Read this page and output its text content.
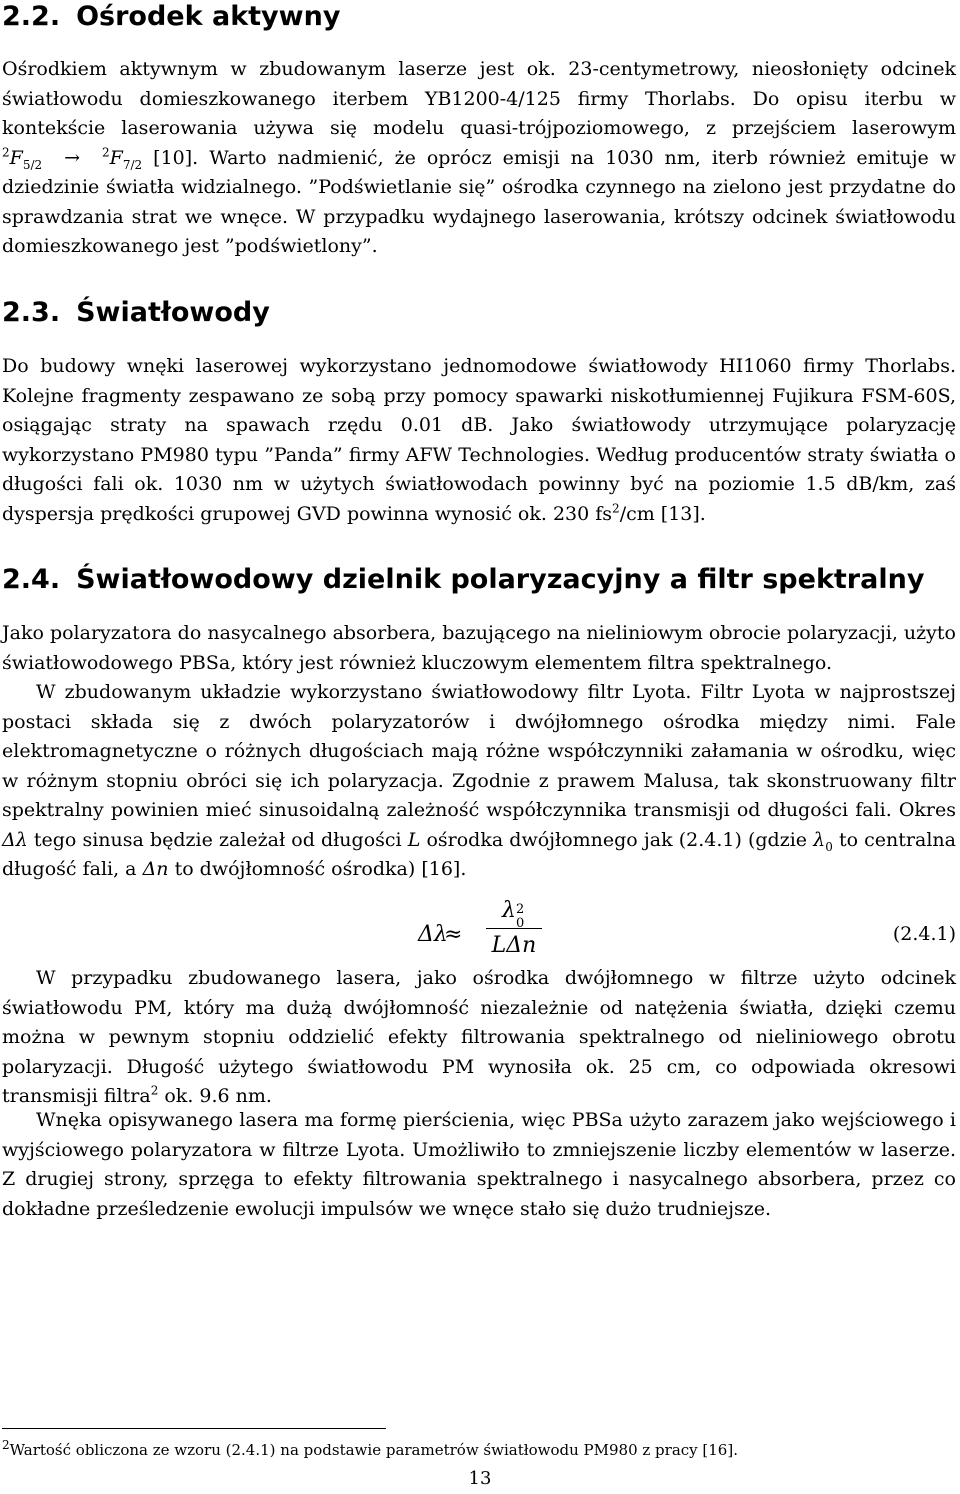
2.2. Ośrodek aktywny
Ośrodkiem aktywnym w zbudowanym laserze jest ok. 23-centymetrowy, nieosłonięty odcinek światłowodu domieszkowanego iterbem YB1200-4/125 firmy Thorlabs. Do opisu iterbu w kontekście laserowania używa się modelu quasi-trójpoziomowego, z przejściem laserowym $^2F_{5/2} \to ^2F_{7/2}$ [10]. Warto nadmienić, że oprócz emisji na 1030 nm, iterb również emituje w dziedzinie światła widzialnego. ”Podświetlanie się” ośrodka czynnego na zielono jest przydatne do sprawdzania strat we wnęce. W przypadku wydajnego laserowania, krótszy odcinek światłowodu domieszkowanego jest ”podświetlony”.
2.3. Światłowody
Do budowy wnęki laserowej wykorzystano jednomodowe światłowody HI1060 firmy Thorlabs. Kolejne fragmenty zespawano ze sobą przy pomocy spawarki niskotłumiennej Fujikura FSM-60S, osiągając straty na spawach rzędu 0.01 dB. Jako światłowody utrzymujące polaryzację wykorzystano PM980 typu ”Panda” firmy AFW Technologies. Według producentów straty światła o długości fali ok. 1030 nm w użytych światłowodach powinny być na poziomie 1.5 dB/km, zaś dyspersja prędkości grupowej GVD powinna wynosić ok. 230 $fs^2/cm$ [13].
2.4. Światłowodowy dzielnik polaryzacyjny a filtr spektralny
Jako polaryzatora do nasycalnego absorbera, bazującego na nieliniowym obrocie polaryzacji, użyto światłowodowego PBSa, który jest również kluczowym elementem filtra spektralnego.
W zbudowanym układzie wykorzystano światłowodowy filtr Lyota. Filtr Lyota w najprostszej postaci składa się z dwóch polaryzatorów i dwójłomnego ośrodka między nimi. Fale elektromagnetyczne o różnych długościach mają różne współczynniki załamania w ośrodku, więc w różnym stopniu obróci się ich polaryzacja. Zgodnie z prawem Malusa, tak skonstruowany filtr spektralny powinien mieć sinusoidalną zależność współczynnika transmisji od długości fali. Okres Δλ tego sinusa będzie zależał od długości L ośrodka dwójłomnego jak (2.4.1) (gdzie $\lambda_0$ to centralna długość fali, a Δn to dwójłomność ośrodka) [16].
Δλ
≈
λ 2
0
LΔn	(2.4.1)
W przypadku zbudowanego lasera, jako ośrodka dwójłomnego w filtrze użyto odcinek światłowodu PM, który ma dużą dwójłomność niezależnie od natężenia światła, dzięki czemu można w pewnym stopniu oddzielić efekty filtrowania spektralnego od nieliniowego obrotu polaryzacji. Długość użytego światłowodu PM wynosiła ok. 25 cm, co odpowiada okresowi transmisji filtra$^2$ ok. 9.6 nm.
Wnęka opisywanego lasera ma formę pierścienia, więc PBSa użyto zarazem jako wejściowego i wyjściowego polaryzatora w filtrze Lyota. Umożliwiło to zmniejszenie liczby elementów w laserze. Z drugiej strony, sprzęga to efekty filtrowania spektralnego i nasycalnego absorbera, przez co dokładne prześledzenie ewolucji impulsów we wnęce stało się dużo trudniejsze.
$^2$Wartość obliczona ze wzoru (2.4.1) na podstawie parametrów światłowodu PM980 z pracy [16].
13
